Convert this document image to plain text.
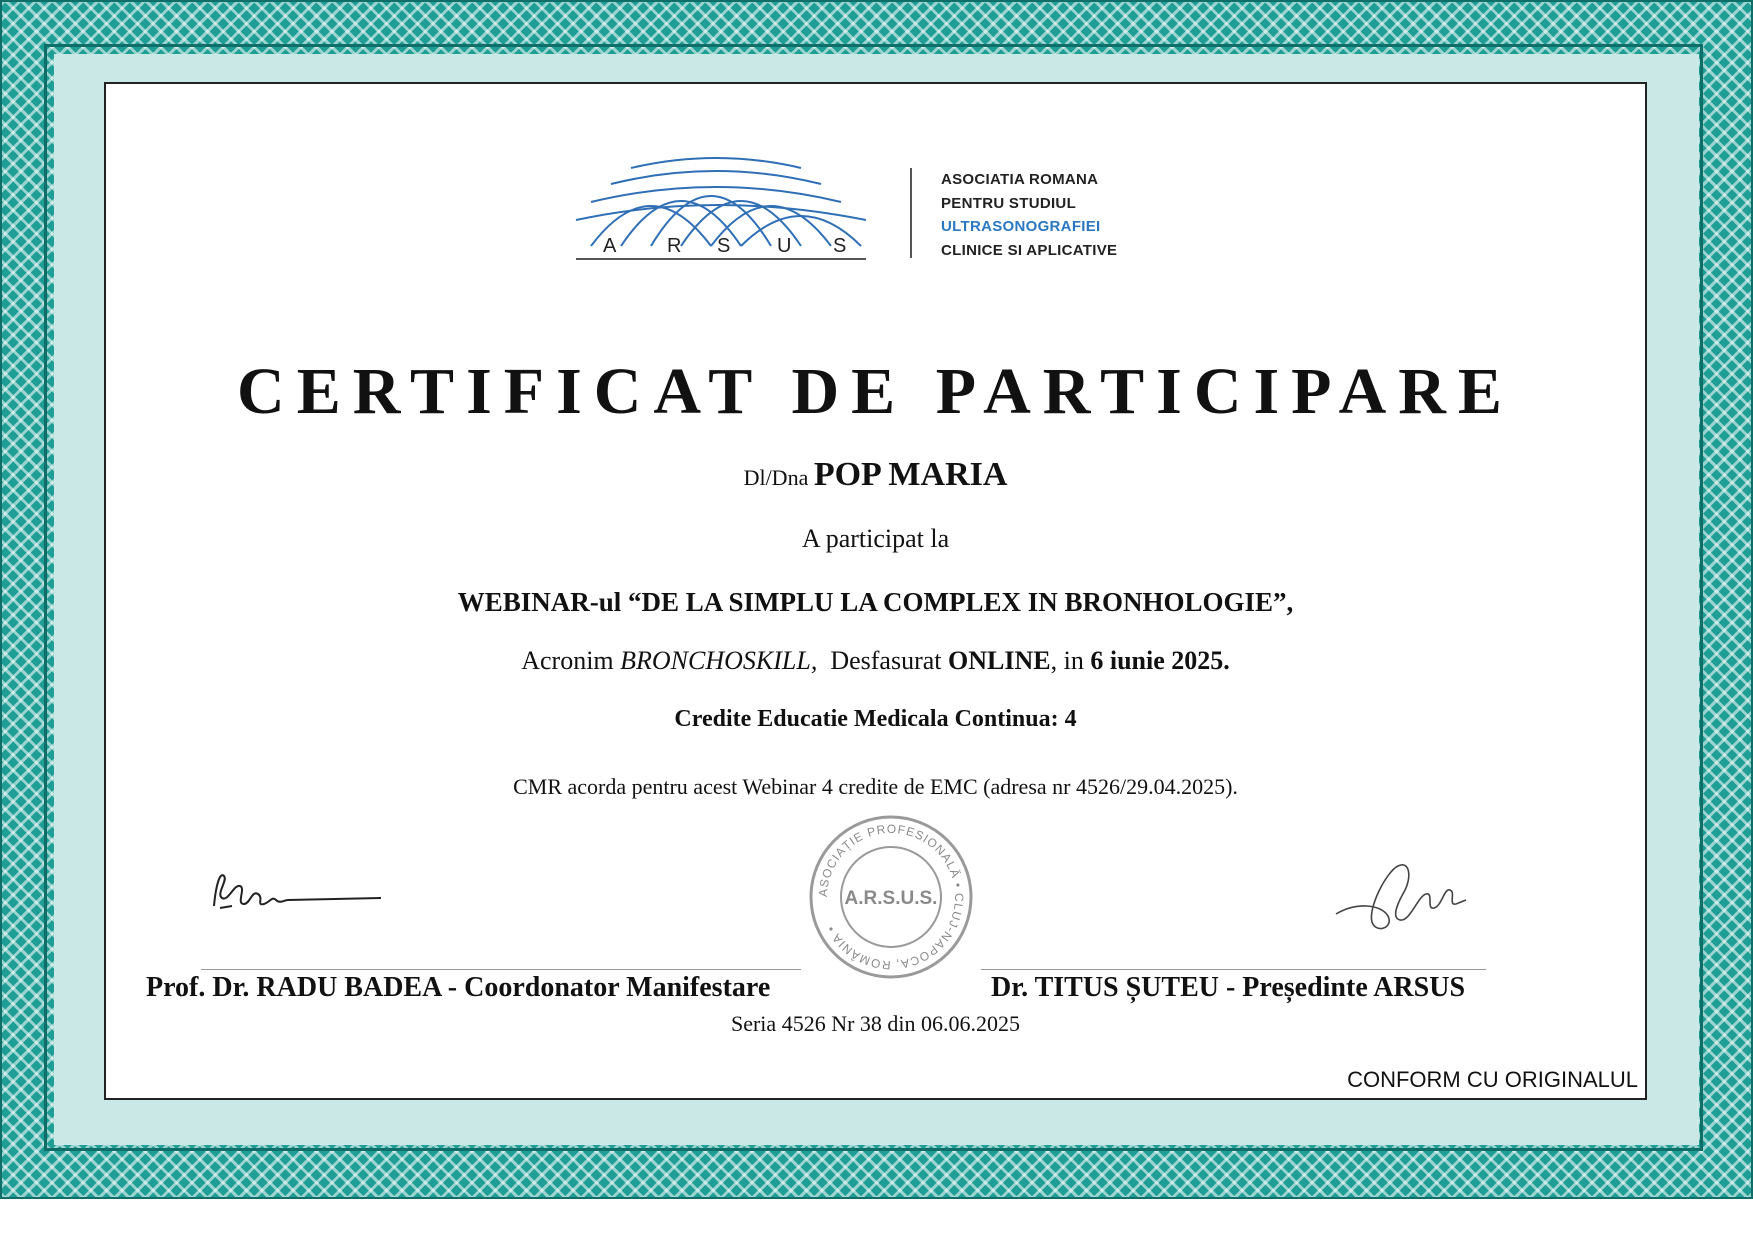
A	R S U S
ASOCIATIA ROMANA
PENTRU STUDIUL
ULTRASONOGRAFIEI
CLINICE SI APLICATIVE
CERTIFICAT DE PARTICIPARE
Dl/Dna POP MARIA
A participat la
WEBINAR-ul “DE LA SIMPLU LA COMPLEX IN BRONHOLOGIE”,
Acronim BRONCHOSKILL, Desfasurat ONLINE, in 6 iunie 2025.
Credite Educatie Medicala Continua: 4
CMR acorda pentru acest Webinar 4 credite de EMC (adresa nr 4526/29.04.2025).
ASOCIAȚIE PROFESIONALĂ • CLUJ-NAPOCA, ROMÂNIA •
A.R.S.U.S.
Prof. Dr. RADU BADEA - Coordonator Manifestare	Dr. TITUS ȘUTEU - Președinte ARSUS
Seria 4526 Nr 38 din 06.06.2025
CONFORM CU ORIGINALUL
